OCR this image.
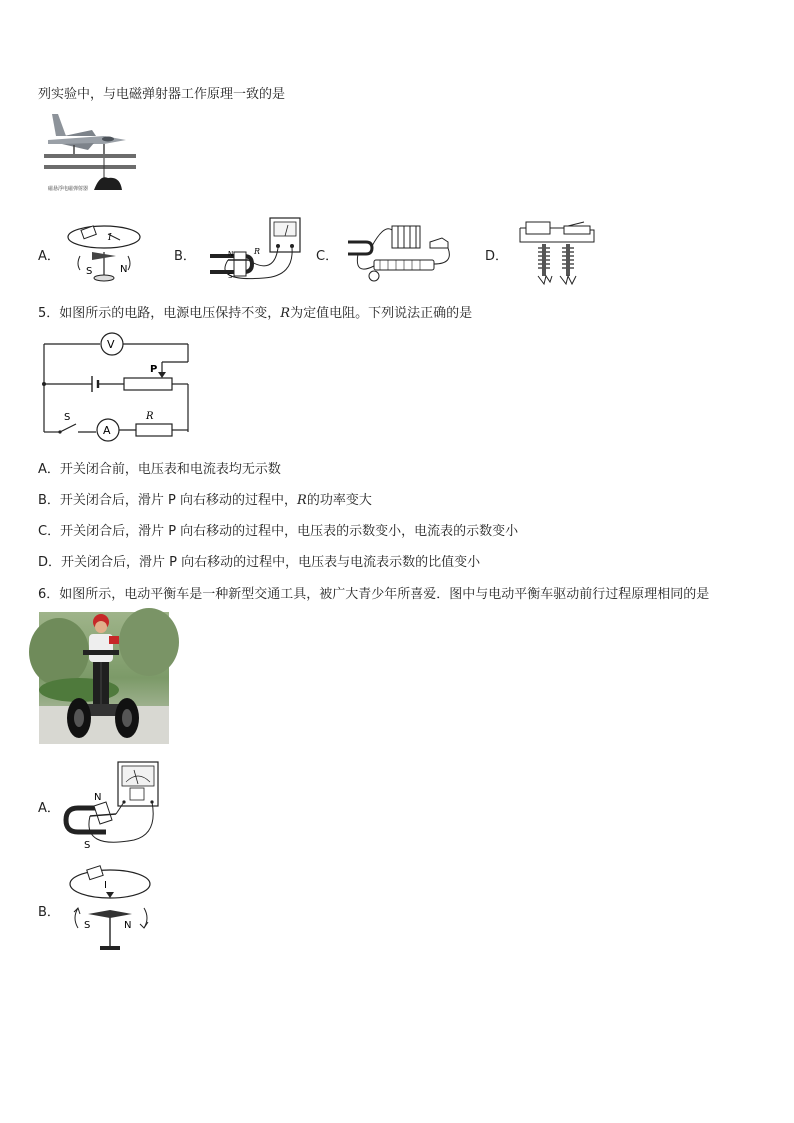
列实验中，与电磁弹射器工作原理一致的是
磁悬浮电磁弹射器
A．	B．	C．	D．
I
S	N
R
N
S
5．如图所示的电路，电源电压保持不变，R为定值电阻。下列说法正确的是
V
P
S
A
R
A．开关闭合前，电压表和电流表均无示数
B．开关闭合后，滑片 P 向右移动的过程中，R的功率变大
C．开关闭合后，滑片 P 向右移动的过程中，电压表的示数变小，电流表的示数变小
D．开关闭合后，滑片 P 向右移动的过程中，电压表与电流表示数的比值变小
6．如图所示，电动平衡车是一种新型交通工具，被广大青少年所喜爱．图中与电动平衡车驱动前行过程原理相同的是
A．
B．
N
S
I
S	N
